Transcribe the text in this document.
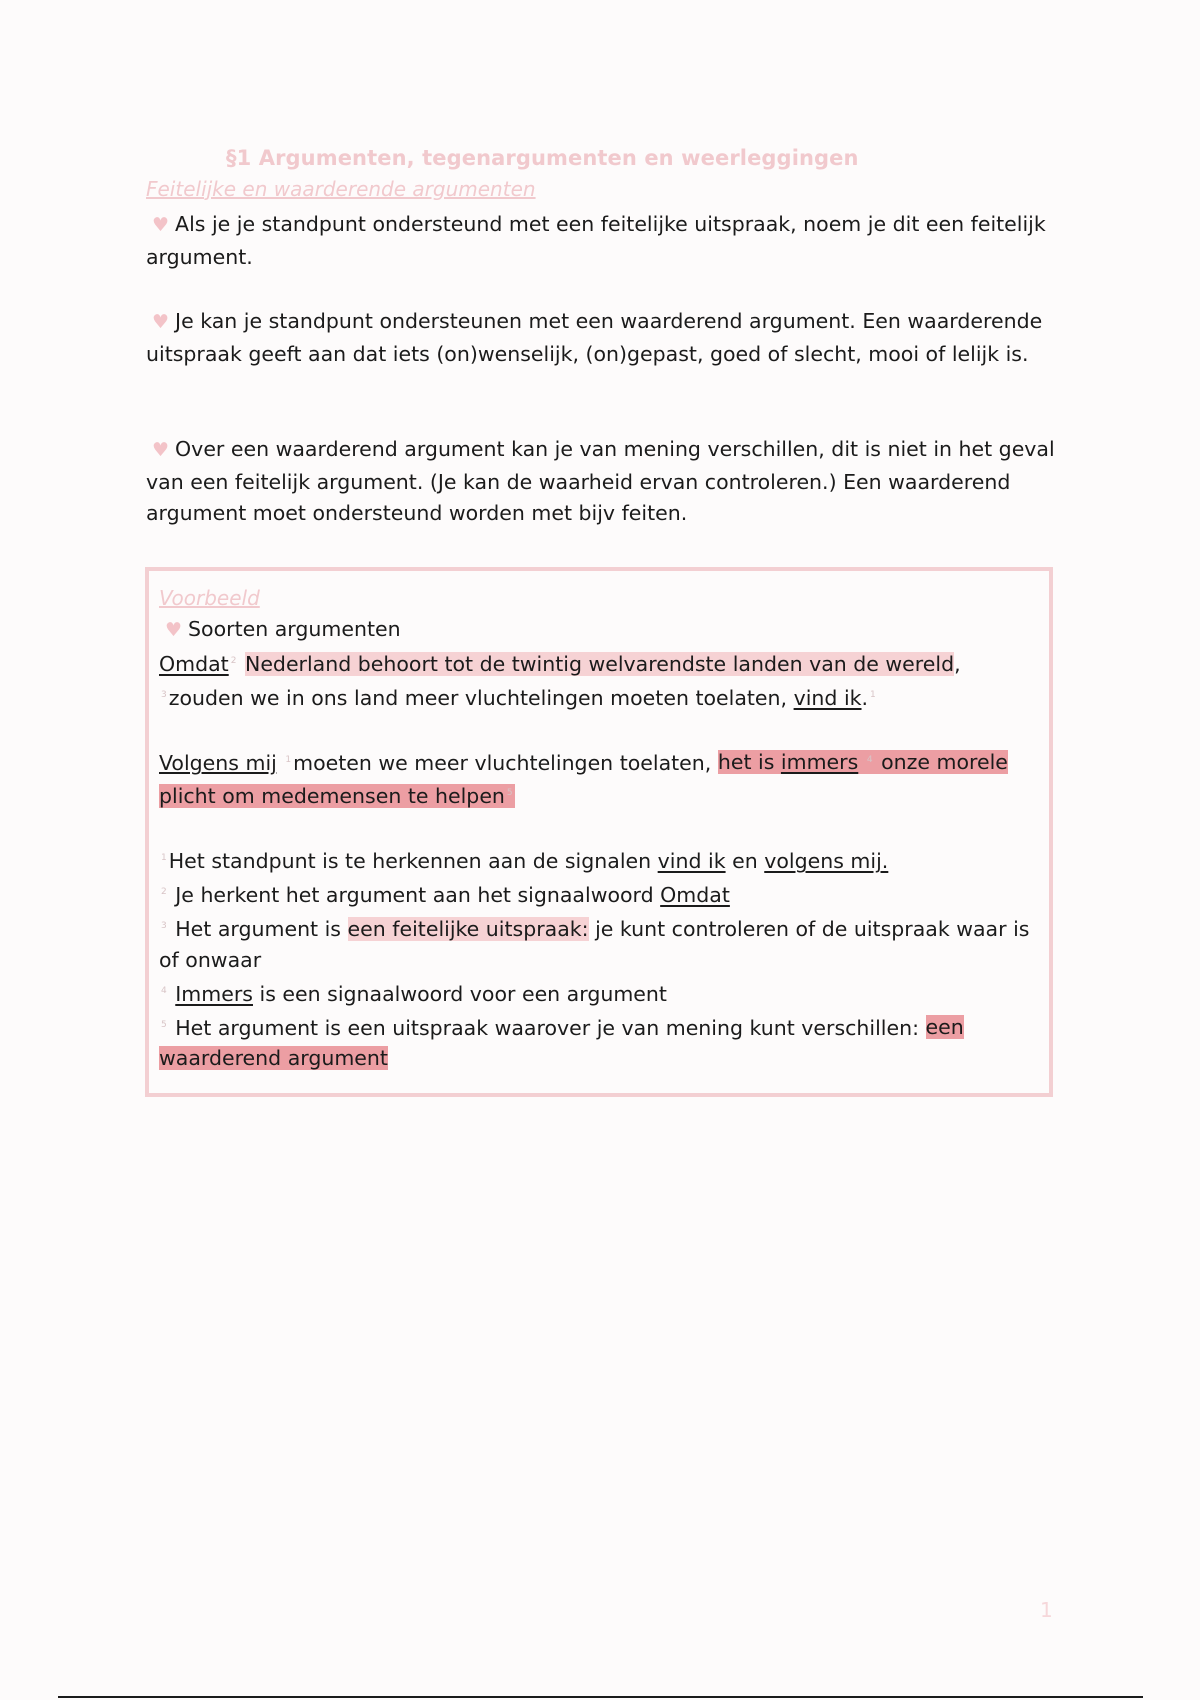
§1 Argumenten, tegenargumenten en weerleggingen
Feitelijke en waarderende argumenten

♥ Als je je standpunt ondersteund met een feitelijke uitspraak, noem je dit een feitelijk argument.

♥ Je kan je standpunt ondersteunen met een waarderend argument. Een waarderende uitspraak geeft aan dat iets (on)wenselijk, (on)gepast, goed of slecht, mooi of lelijk is.

♥ Over een waarderend argument kan je van mening verschillen, dit is niet in het geval van een feitelijk argument. (Je kan de waarheid ervan controleren.) Een waarderend argument moet ondersteund worden met bijv feiten.

Voorbeeld
♥ Soorten argumenten
Omdat $^2$ Nederland behoort tot de twintig welvarendste landen van de wereld, $^3$zouden we in ons land meer vluchtelingen moeten toelaten, vind ik. $^1$
Volgens mij $^1$moeten we meer vluchtelingen toelaten, het is immers $^4$ onze morele plicht om medemensen te helpen $^5$
$^1$Het standpunt is te herkennen aan de signalen vind ik en volgens mij.
$^2$ Je herkent het argument aan het signaalwoord Omdat
$^3$ Het argument is een feitelijke uitspraak: je kunt controleren of de uitspraak waar is of onwaar
$^4$ Immers is een signaalwoord voor een argument
$^5$ Het argument is een uitspraak waarover je van mening kunt verschillen: een waarderend argument
1
